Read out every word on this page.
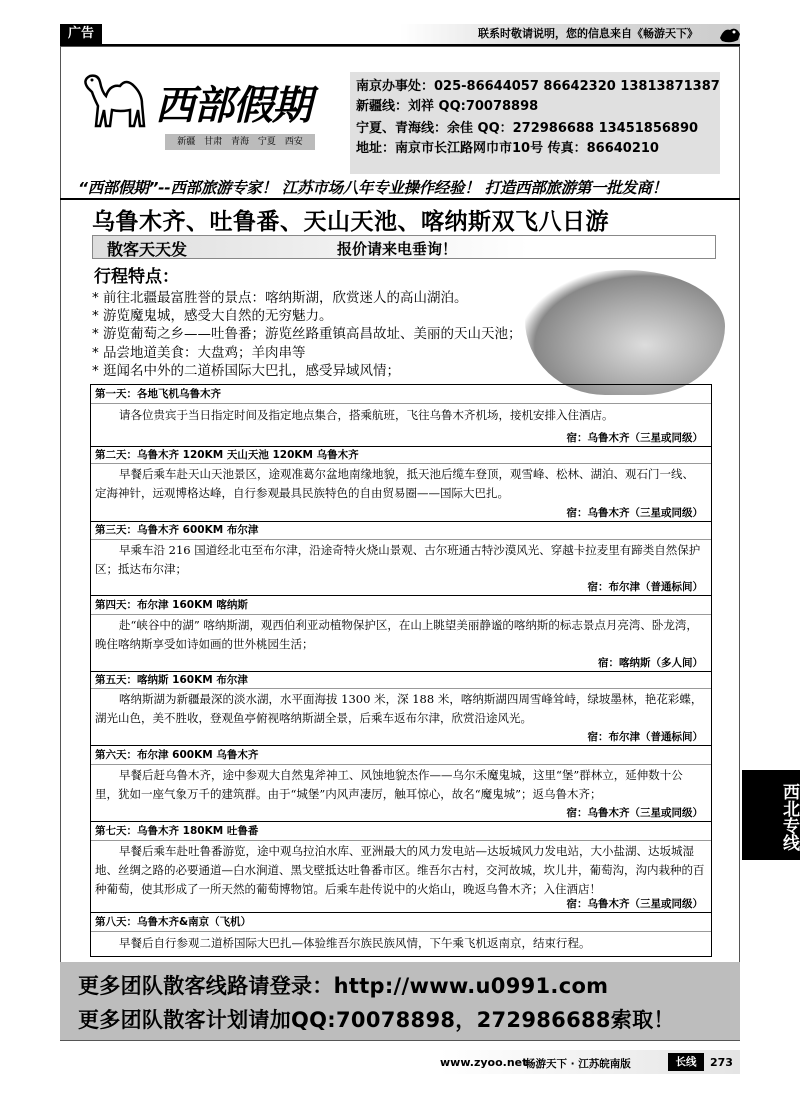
广告	联系时敬请说明，您的信息来自《畅游天下》
西部假期
新疆 甘肃 青海 宁夏 西安
南京办事处：025-86644057 86642320 13813871387
新疆线：刘祥 QQ:70078898
宁夏、青海线：余佳 QQ：272986688 13451856890
地址：南京市长江路网巾市10号 传真：86640210
“西部假期”--西部旅游专家！ 江苏市场八年专业操作经验！ 打造西部旅游第一批发商！
乌鲁木齐、吐鲁番、天山天池、喀纳斯双飞八日游
散客天天发	报价请来电垂询！
行程特点：
* 前往北疆最富胜誉的景点：喀纳斯湖，欣赏迷人的高山湖泊。
* 游览魔鬼城，感受大自然的无穷魅力。
* 游览葡萄之乡——吐鲁番；游览丝路重镇高昌故址、美丽的天山天池；
* 品尝地道美食：大盘鸡；羊肉串等
* 逛闻名中外的二道桥国际大巴扎，感受异域风情；
第一天：各地飞机乌鲁木齐
请各位贵宾于当日指定时间及指定地点集合，搭乘航班，飞往乌鲁木齐机场，接机安排入住酒店。
宿：乌鲁木齐（三星或同级）
第二天：乌鲁木齐 120KM 天山天池 120KM 乌鲁木齐
早餐后乘车赴天山天池景区，途观准葛尔盆地南缘地貌，抵天池后缆车登顶，观雪峰、松林、湖泊、观石门一线、定海神针，远观博格达峰，自行参观最具民族特色的自由贸易圈——国际大巴扎。
宿：乌鲁木齐（三星或同级）
第三天：乌鲁木齐 600KM 布尔津
早乘车沿 216 国道经北屯至布尔津，沿途奇特火烧山景观、古尔班通古特沙漠风光、穿越卡拉麦里有蹄类自然保护区；抵达布尔津；
宿：布尔津（普通标间）
第四天：布尔津 160KM 喀纳斯
赴“峡谷中的湖” 喀纳斯湖，观西伯利亚动植物保护区，在山上眺望美丽静谧的喀纳斯的标志景点月亮湾、卧龙湾，晚住喀纳斯享受如诗如画的世外桃园生活；
宿：喀纳斯（多人间）
第五天：喀纳斯 160KM 布尔津
喀纳斯湖为新疆最深的淡水湖，水平面海拔 1300 米，深 188 米，喀纳斯湖四周雪峰耸峙，绿坡墨林，艳花彩蝶，湖光山色，美不胜收，登观鱼亭俯视喀纳斯湖全景，后乘车返布尔津，欣赏沿途风光。
宿：布尔津（普通标间）
第六天：布尔津 600KM 乌鲁木齐
早餐后赶乌鲁木齐，途中参观大自然鬼斧神工、风蚀地貌杰作——乌尔禾魔鬼城，这里“堡”群林立，延伸数十公里，犹如一座气象万千的建筑群。由于“城堡”内风声凄厉，触耳惊心，故名“魔鬼城”；返乌鲁木齐；
宿：乌鲁木齐（三星或同级）
第七天：乌鲁木齐 180KM 吐鲁番
早餐后乘车赴吐鲁番游览，途中观乌拉泊水库、亚洲最大的风力发电站—达坂城风力发电站，大小盐湖、达坂城湿地、丝绸之路的必要通道—白水涧道、黑戈壁抵达吐鲁番市区。维吾尔古村，交河故城，坎儿井，葡萄沟，沟内栽种的百种葡萄，使其形成了一所天然的葡萄博物馆。后乘车赴传说中的火焰山，晚返乌鲁木齐；入住酒店！
宿：乌鲁木齐（三星或同级）
第八天：乌鲁木齐&南京（飞机）
早餐后自行参观二道桥国际大巴扎—体验维吾尔族民族风情，下午乘飞机返南京，结束行程。
西北专线
更多团队散客线路请登录：http://www.u0991.com
更多团队散客计划请加QQ:70078898，272986688索取！
www.zyoo.net
畅游天下 · 江苏皖南版	长线	273
